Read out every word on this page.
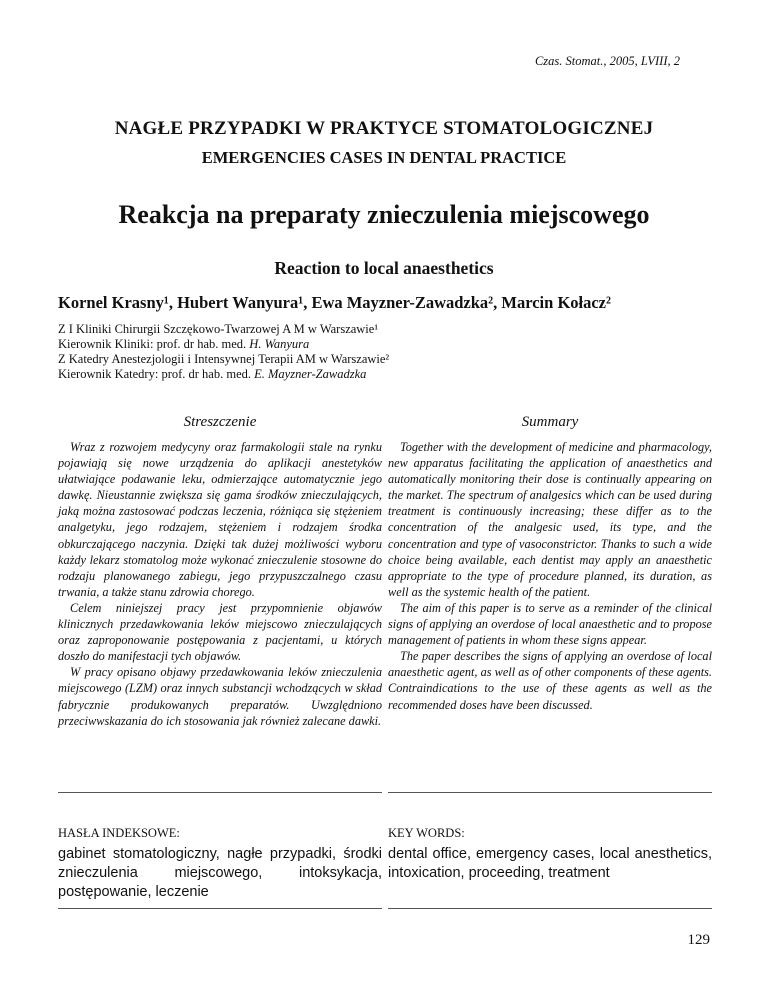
Czas. Stomat., 2005, LVIII, 2
NAGŁE PRZYPADKI W PRAKTYCE STOMATOLOGICZNEJ
EMERGENCIES CASES IN DENTAL PRACTICE
Reakcja na preparaty znieczulenia miejscowego
Reaction to local anaesthetics
Kornel Krasny¹, Hubert Wanyura¹, Ewa Mayzner-Zawadzka², Marcin Kołacz²
Z I Kliniki Chirurgii Szczękowo-Twarzowej A M w Warszawie¹
Kierownik Kliniki: prof. dr hab. med. H. Wanyura
Z Katedry Anestezjologii i Intensywnej Terapii AM w Warszawie²
Kierownik Katedry: prof. dr hab. med. E. Mayzner-Zawadzka
Streszczenie

Wraz z rozwojem medycyny oraz farmakologii stale na rynku pojawiają się nowe urządzenia do aplikacji anestetyków ułatwiające podawanie leku, odmierzające automatycznie jego dawkę. Nieustannie zwiększa się gama środków znieczulających, jaką można zastosować podczas leczenia, różniąca się stężeniem analgetyku, jego rodzajem, stężeniem i rodzajem środka obkurczającego naczynia. Dzięki tak dużej możliwości wyboru każdy lekarz stomatolog może wykonać znieczulenie stosowne do rodzaju planowanego zabiegu, jego przypuszczalnego czasu trwania, a także stanu zdrowia chorego.

Celem niniejszej pracy jest przypomnienie objawów klinicznych przedawkowania leków miejscowo znieczulających oraz zaproponowanie postępowania z pacjentami, u których doszło do manifestacji tych objawów.

W pracy opisano objawy przedawkowania leków znieczulenia miejscowego (LZM) oraz innych substancji wchodzących w skład fabrycznie produkowanych preparatów. Uwzględniono przeciwwskazania do ich stosowania jak również zalecane dawki.

Summary

Together with the development of medicine and pharmacology, new apparatus facilitating the application of anaesthetics and automatically monitoring their dose is continually appearing on the market. The spectrum of analgesics which can be used during treatment is continuously increasing; these differ as to the concentration of the analgesic used, its type, and the concentration and type of vasoconstrictor. Thanks to such a wide choice being available, each dentist may apply an anaesthetic appropriate to the type of procedure planned, its duration, as well as the systemic health of the patient.

The aim of this paper is to serve as a reminder of the clinical signs of applying an overdose of local anaesthetic and to propose management of patients in whom these signs appear.

The paper describes the signs of applying an overdose of local anaesthetic agent, as well as of other components of these agents. Contraindications to the use of these agents as well as the recommended doses have been discussed.

HASŁA INDEKSOWE:
gabinet stomatologiczny, nagłe przypadki, środki znieczulenia miejscowego, intoksykacja, postępowanie, leczenie
KEY WORDS:
dental office, emergency cases, local anesthetics, intoxication, proceeding, treatment
129
